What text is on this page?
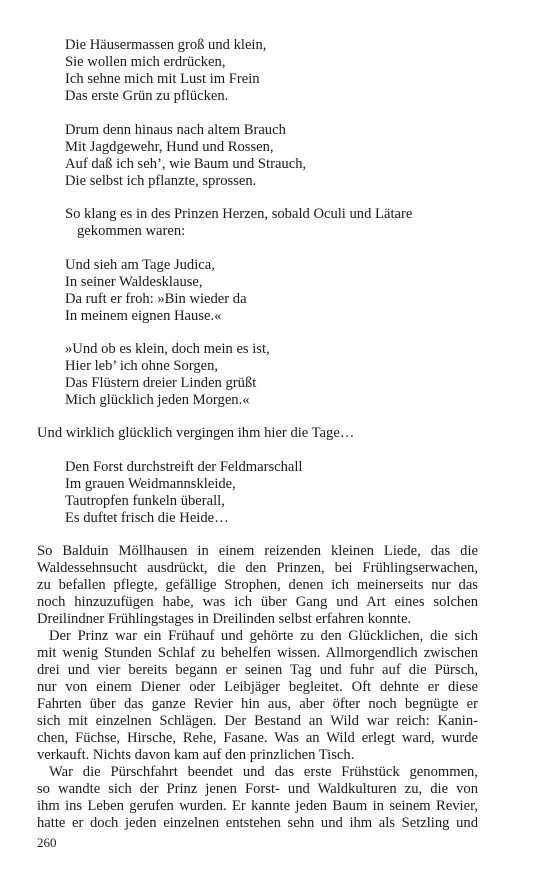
Die Häusermassen groß und klein,
Sie wollen mich erdrücken,
Ich sehne mich mit Lust im Frein
Das erste Grün zu pflücken.
Drum denn hinaus nach altem Brauch
Mit Jagdgewehr, Hund und Rossen,
Auf daß ich seh’, wie Baum und Strauch,
Die selbst ich pflanzte, sprossen.
So klang es in des Prinzen Herzen, sobald Oculi und Lätare gekommen waren:
Und sieh am Tage Judica,
In seiner Waldesklause,
Da ruft er froh: »Bin wieder da
In meinem eignen Hause.«
»Und ob es klein, doch mein es ist,
Hier leb’ ich ohne Sorgen,
Das Flüstern dreier Linden grüßt
Mich glücklich jeden Morgen.«
Und wirklich glücklich vergingen ihm hier die Tage…
Den Forst durchstreift der Feldmarschall
Im grauen Weidmannskleide,
Tautropfen funkeln überall,
Es duftet frisch die Heide…
So Balduin Möllhausen in einem reizenden kleinen Liede, das die
Waldessehnsucht ausdrückt, die den Prinzen, bei Frühlingserwachen,
zu befallen pflegte, gefällige Strophen, denen ich meinerseits nur das
noch hinzuzufügen habe, was ich über Gang und Art eines solchen
Dreilindner Frühlingstages in Dreilinden selbst erfahren konnte.
Der Prinz war ein Frühauf und gehörte zu den Glücklichen, die sich
mit wenig Stunden Schlaf zu behelfen wissen. Allmorgendlich zwischen
drei und vier bereits begann er seinen Tag und fuhr auf die Pürsch,
nur von einem Diener oder Leibjäger begleitet. Oft dehnte er diese
Fahrten über das ganze Revier hin aus, aber öfter noch begnügte er
sich mit einzelnen Schlägen. Der Bestand an Wild war reich: Kanin-
chen, Füchse, Hirsche, Rehe, Fasane. Was an Wild erlegt ward, wurde
verkauft. Nichts davon kam auf den prinzlichen Tisch.
War die Pürschfahrt beendet und das erste Frühstück genommen,
so wandte sich der Prinz jenen Forst- und Waldkulturen zu, die von
ihm ins Leben gerufen wurden. Er kannte jeden Baum in seinem Revier,
hatte er doch jeden einzelnen entstehen sehn und ihm als Setzling und
260
